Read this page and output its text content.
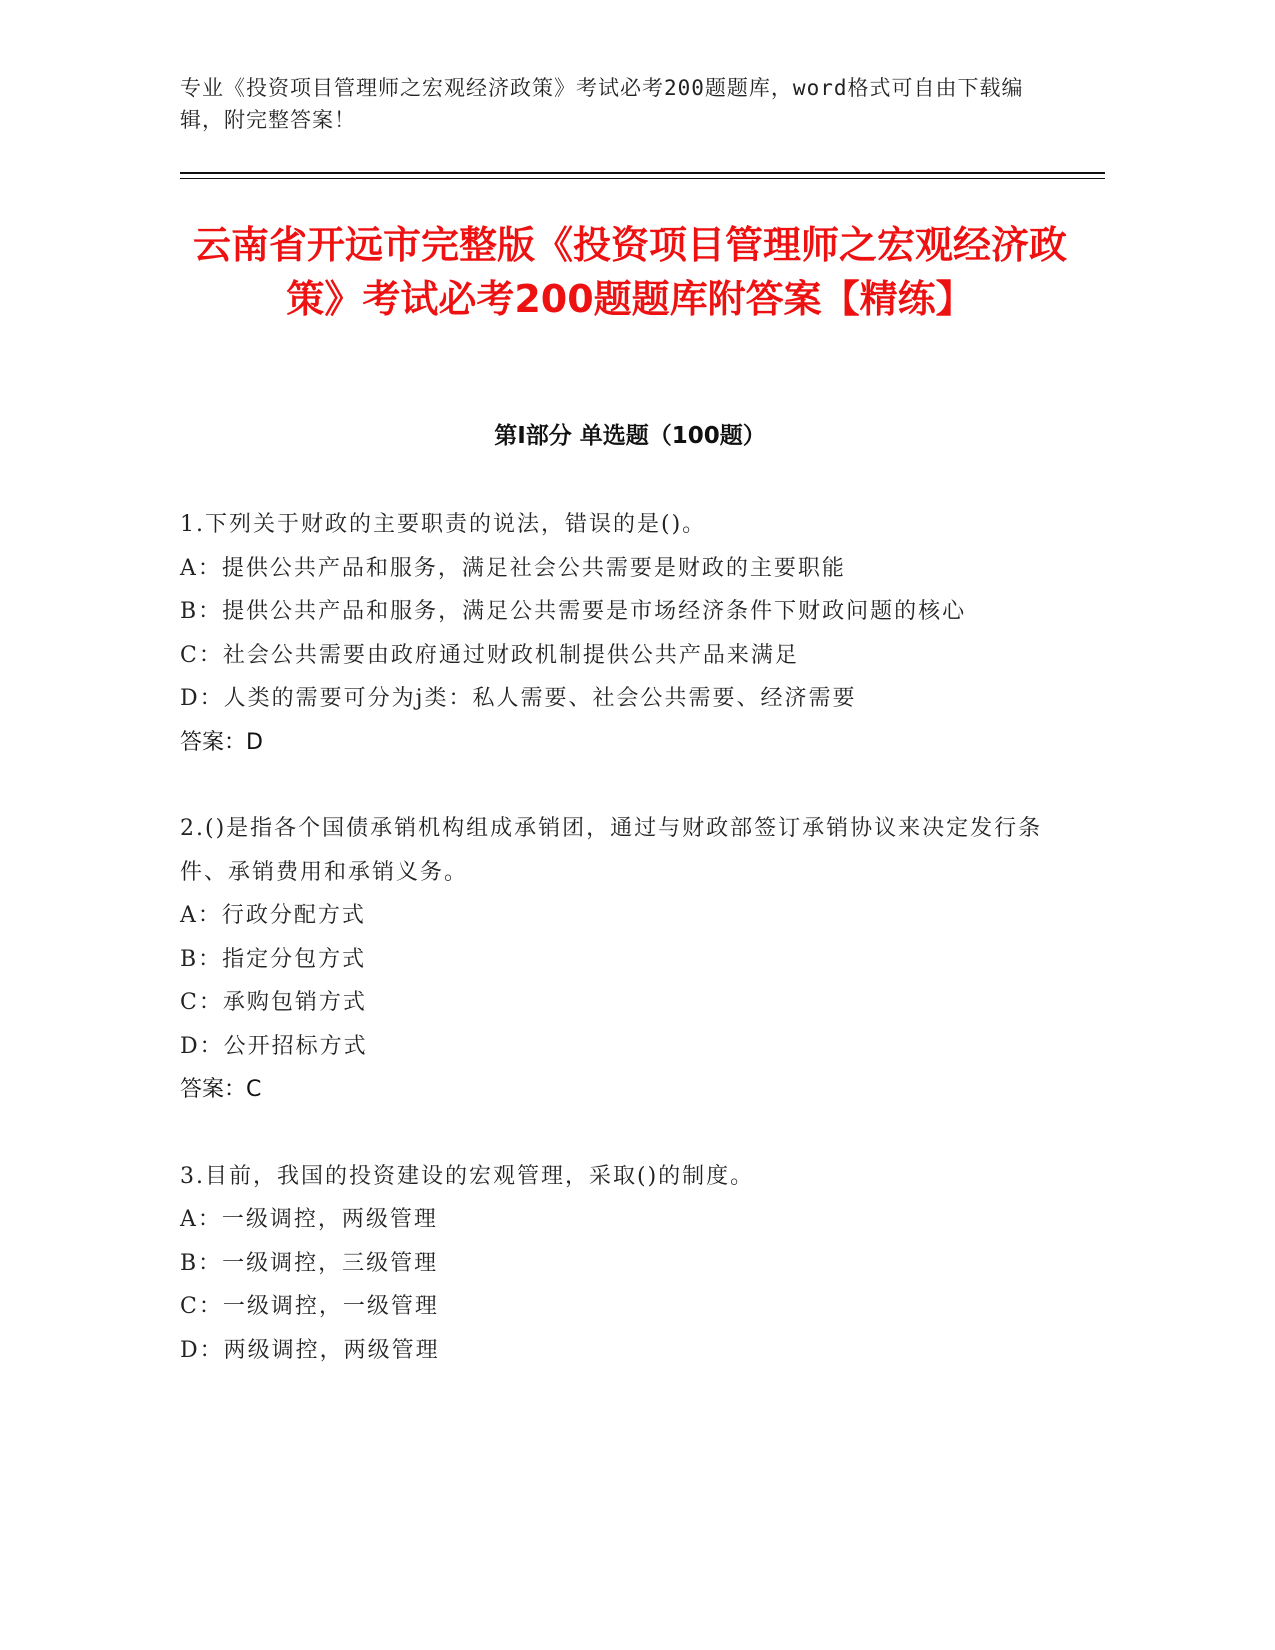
专业《投资项目管理师之宏观经济政策》考试必考200题题库，word格式可自由下载编辑，附完整答案！

云南省开远市完整版《投资项目管理师之宏观经济政策》考试必考200题题库附答案【精练】
第Ⅰ部分 单选题（100题）

1.下列关于财政的主要职责的说法，错误的是()。

A：提供公共产品和服务，满足社会公共需要是财政的主要职能

B：提供公共产品和服务，满足公共需要是市场经济条件下财政问题的核心

C：社会公共需要由政府通过财政机制提供公共产品来满足

D：人类的需要可分为j类：私人需要、社会公共需要、经济需要

答案：D

2.()是指各个国债承销机构组成承销团，通过与财政部签订承销协议来决定发行条件、承销费用和承销义务。

A：行政分配方式

B：指定分包方式

C：承购包销方式

D：公开招标方式

答案：C

3.目前，我国的投资建设的宏观管理，采取()的制度。

A：一级调控，两级管理

B：一级调控，三级管理

C：一级调控，一级管理

D：两级调控，两级管理
